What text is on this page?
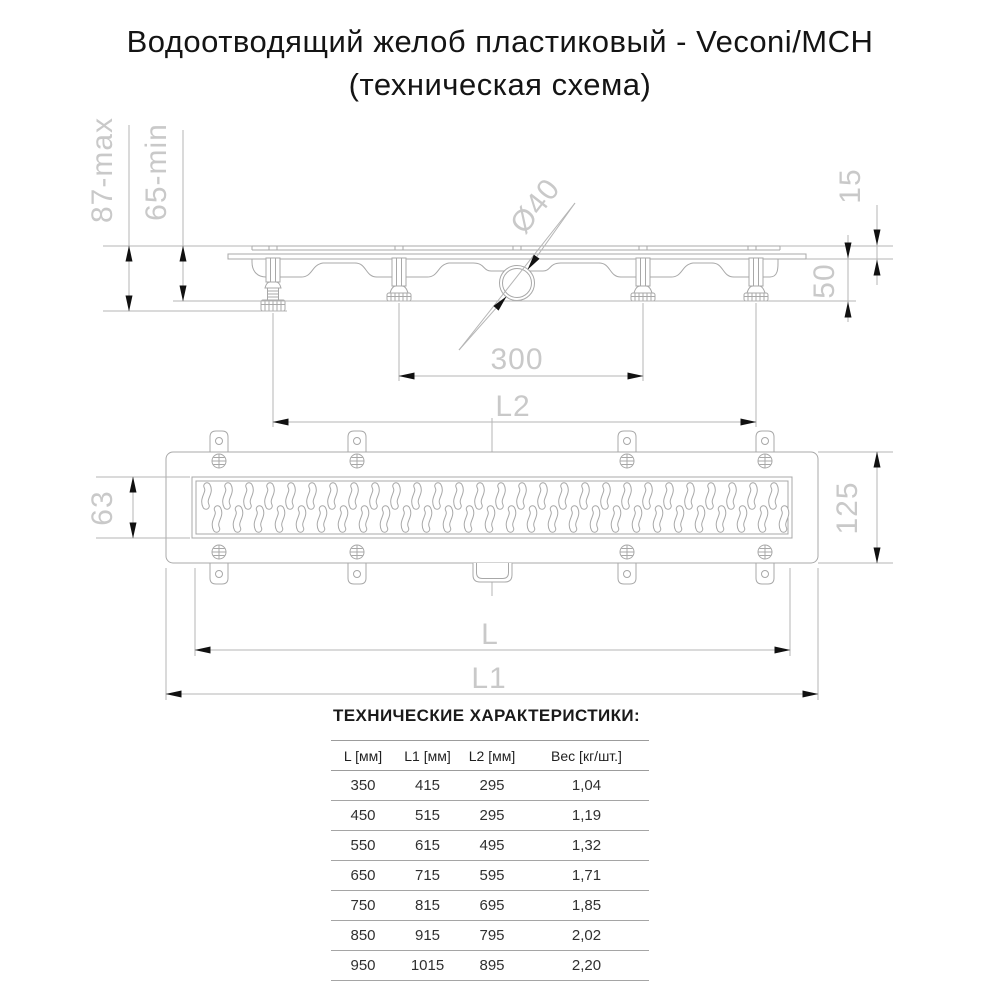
Водоотводящий желоб пластиковый - Veconi/MCH
(техническая схема)
87-max 65-min	15
50
Ø40
300
L2
63	125
L
L1

ТЕХНИЧЕСКИЕ ХАРАКТЕРИСТИКИ:

L [мм]	L1 [мм]	L2 [мм]	Вес [кг/шт.]
350	415	295	1,04
450	515	295	1,19
550	615	495	1,32
650	715	595	1,71
750	815	695	1,85
850	915	795	2,02
950	1015	895	2,20
